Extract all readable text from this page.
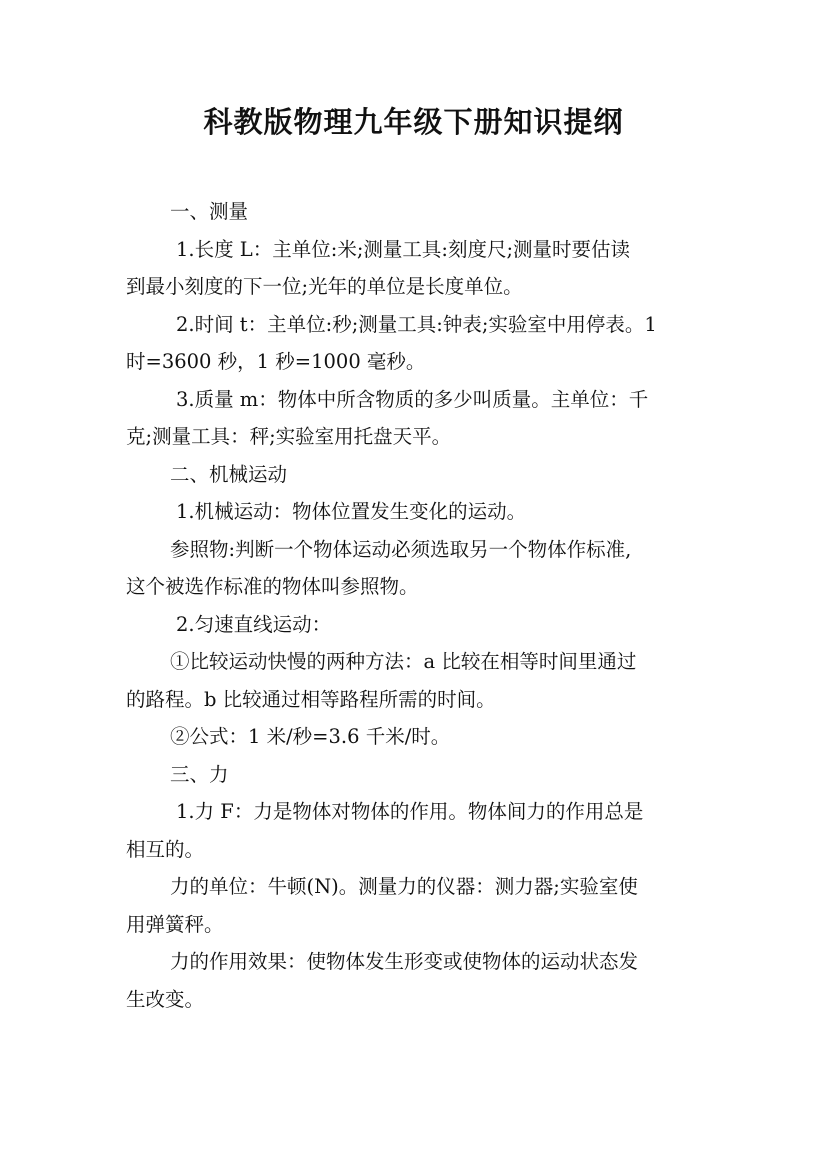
科教版物理九年级下册知识提纲
一、测量
1.长度 L：主单位:米;测量工具:刻度尺;测量时要估读
到最小刻度的下一位;光年的单位是长度单位。
2.时间 t：主单位:秒;测量工具:钟表;实验室中用停表。1
时=3600 秒，1 秒=1000 毫秒。
3.质量 m：物体中所含物质的多少叫质量。主单位：千
克;测量工具：秤;实验室用托盘天平。
二、机械运动
1.机械运动：物体位置发生变化的运动。
参照物:判断一个物体运动必须选取另一个物体作标准,
这个被选作标准的物体叫参照物。
2.匀速直线运动：
①比较运动快慢的两种方法：a 比较在相等时间里通过
的路程。b 比较通过相等路程所需的时间。
②公式：1 米/秒=3.6 千米/时。
三、力
1.力 F：力是物体对物体的作用。物体间力的作用总是
相互的。
力的单位：牛顿(N)。测量力的仪器：测力器;实验室使
用弹簧秤。
力的作用效果：使物体发生形变或使物体的运动状态发
生改变。
